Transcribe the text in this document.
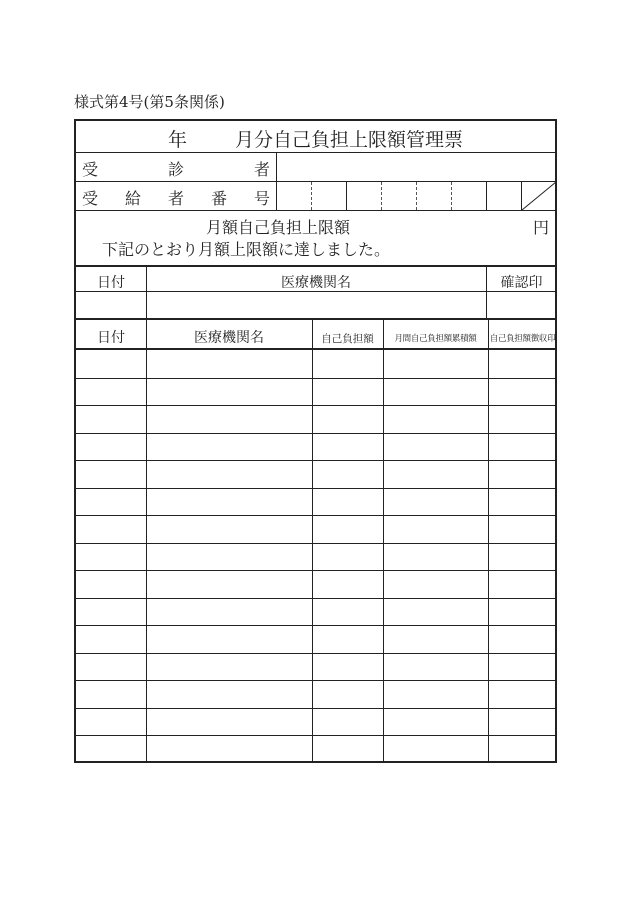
様式第4号(第5条関係)
年	月分自己負担上限額管理票
受	診	者
受 給 者 番 号
月額自己負担上限額	円
下記のとおり月額上限額に達しました。
日付	医療機関名	確認印
日付	医療機関名	自己負担額	月間自己負担額累積額	自己負担額徴収印
